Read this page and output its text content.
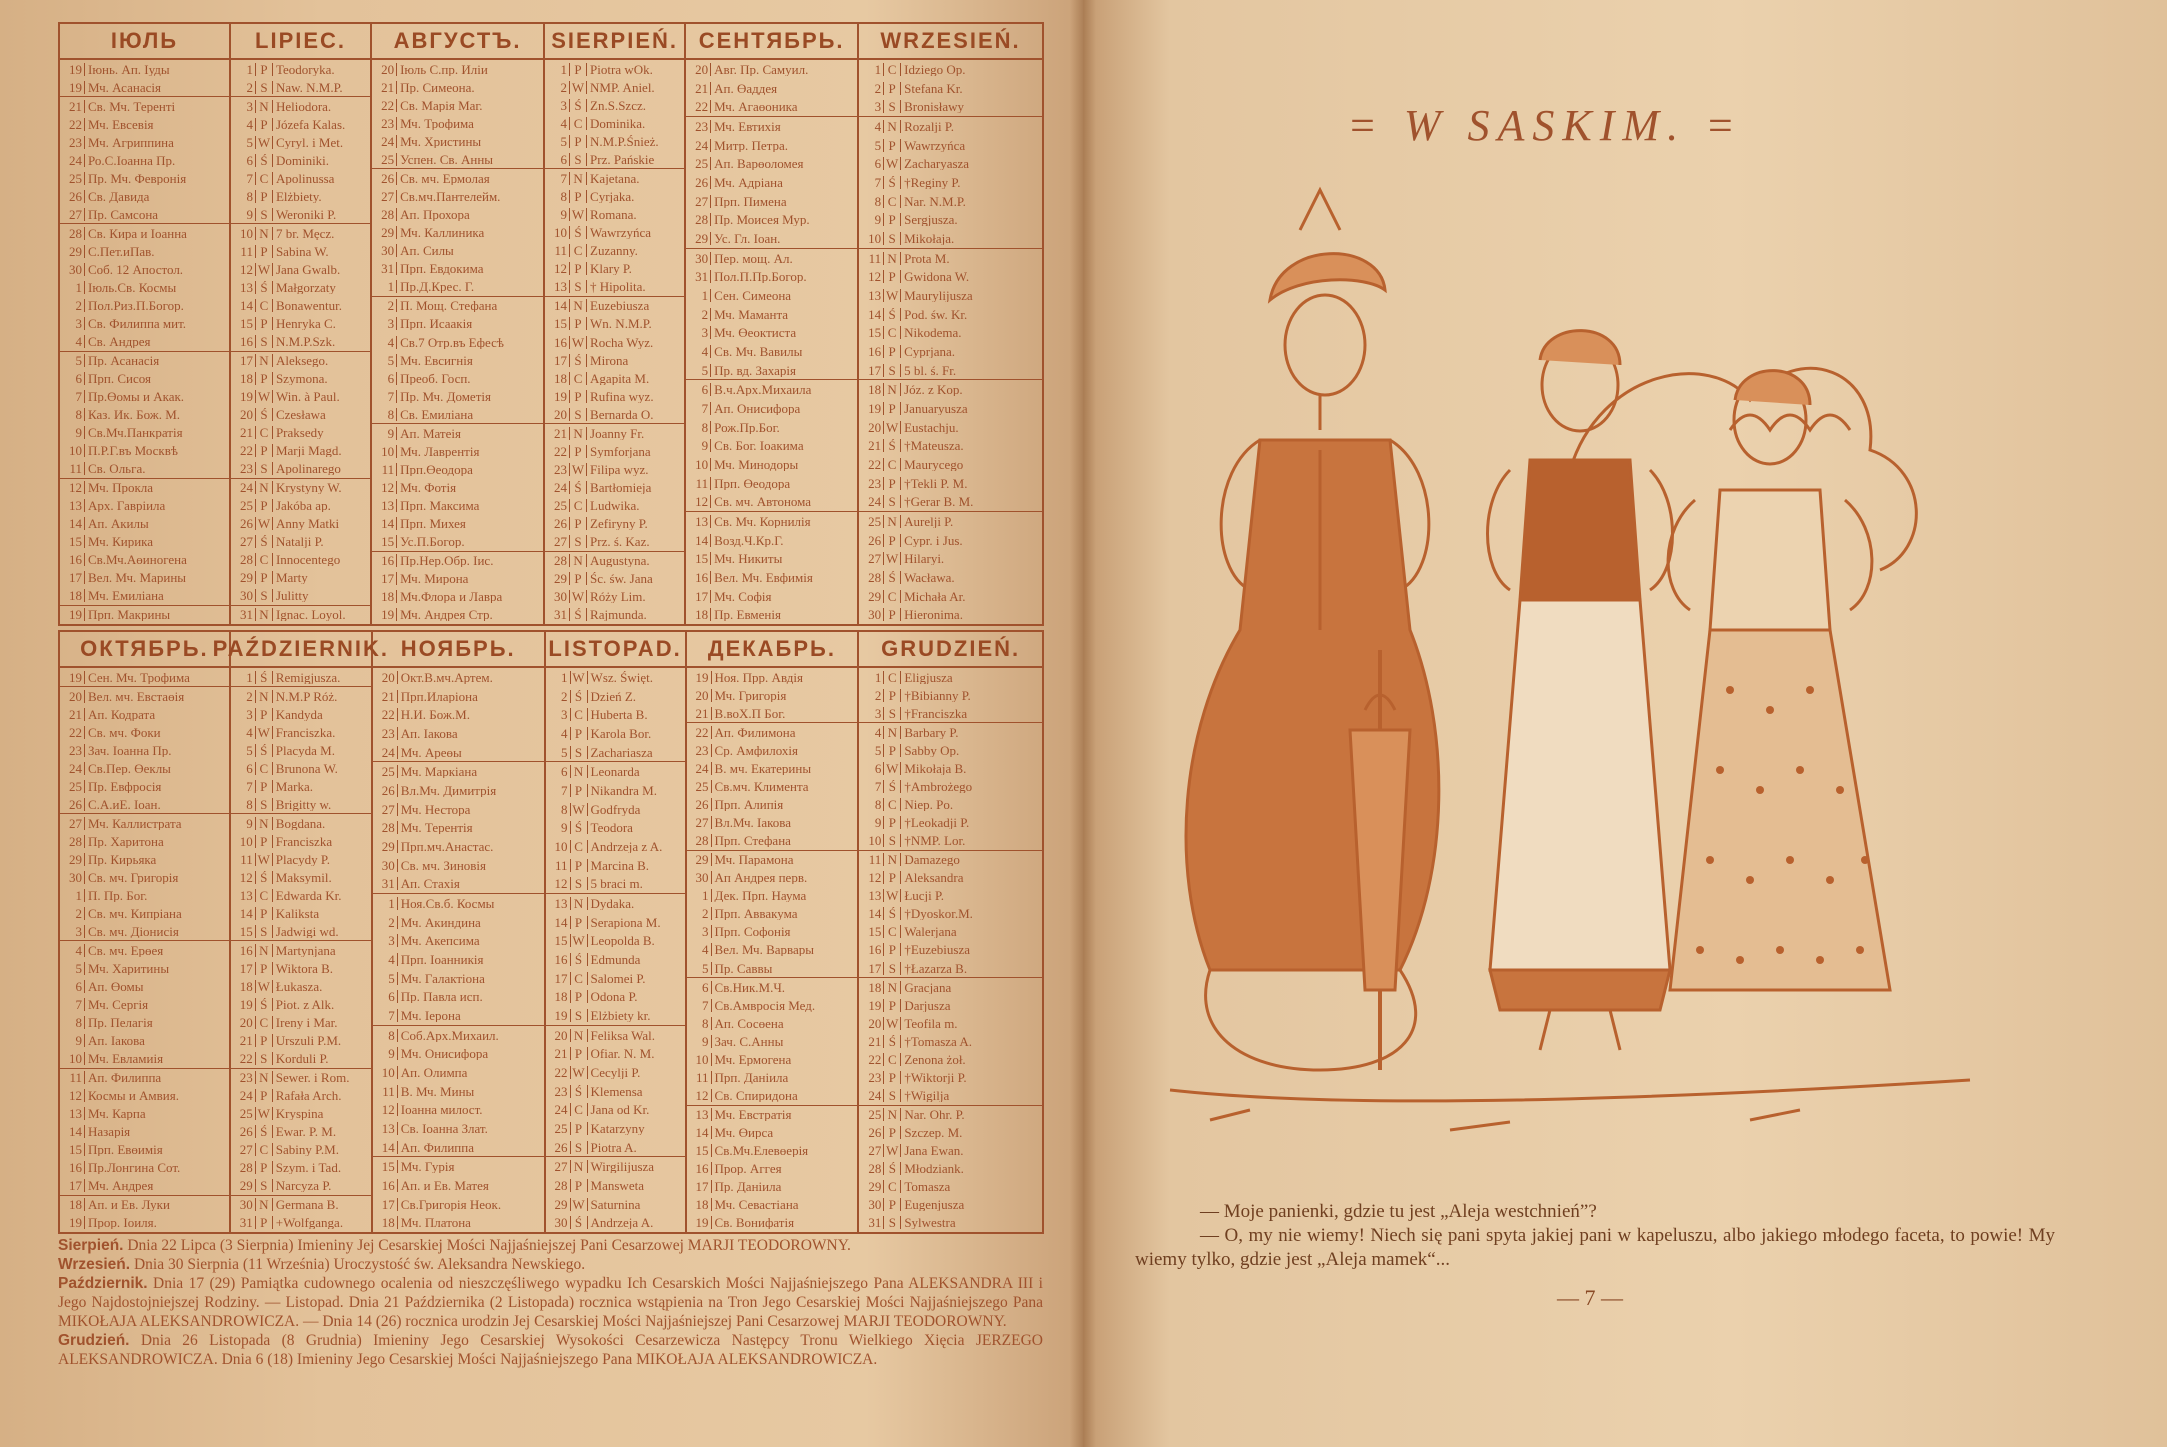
ІЮЛЬ
19 Іюнь. Ап. Іуды
19 Мч. Асанасія
21 Св. Мч. Теренті
22 Мч. Евсевія
23 Мч. Агриппина
24 Ро.С.Іоанна Пр.
25 Пр. Мч. Февронія
26 Св. Давида
27 Пр. Самсона
28 Св. Кира и Іоанна
29 С.Пет.иПав.
30 Соб. 12 Апостол.
1 Іюль.Св. Космы
2 Пол.Риз.П.Богор.
3 Св. Филиппа мит.
4 Св. Андрея
5 Пр. Асанасія
6 Прп. Сисоя
7 Пр.Өомы и Акак.
8 Каз. Ик. Бож. М.
9 Св.Мч.Панкратія
10 П.Р.Г.въ Москвѣ
11 Св. Ольга.
12 Мч. Прокла
13 Арх. Гавріила
14 Ап. Акилы
15 Мч. Кирика
16 Св.Мч.Аөиногена
17 Вел. Мч. Марины
18 Мч. Емиліана
19 Прп. Макрины
LIPIEC.
1 P Teodoryka.
2 S Naw. N.M.P.
3 N Heliodora.
4 P Józefa Kalas.
5 W Cyryl. i Met.
6 Ś Dominiki.
7 C Apolinussa
8 P Elżbiety.
9 S Weroniki P.
10 N 7 br. Męcz.
11 P Sabina W.
12 W Jana Gwalb.
13 Ś Małgorzaty
14 C Bonawentur.
15 P Henryka C.
16 S N.M.P.Szk.
17 N Aleksego.
18 P Szymona.
19 W Win. à Paul.
20 Ś Czesława
21 C Praksedy
22 P Marji Magd.
23 S Apolinarego
24 N Krystyny W.
25 P Jakóba ap.
26 W Anny Matki
27 Ś Natalji P.
28 C Innocentego
29 P Marty
30 S Julitty
31 N Ignac. Loyol.
АВГУСТЪ.
20 Іюль С.пр. Иліи
21 Пр. Симеона.
22 Св. Марія Маг.
23 Мч. Трофима
24 Мч. Христины
25 Успен. Св. Анны
26 Св. мч. Ермолая
27 Св.мч.Пантелейм.
28 Ап. Прохора
29 Мч. Каллиника
30 Ап. Силы
31 Прп. Евдокима
1 Пр.Д.Крес. Г.
2 П. Мощ. Стефана
3 Прп. Исаакія
4 Св.7 Отр.въ Ефесѣ
5 Мч. Евсигнія
6 Преоб. Госп.
7 Пр. Мч. Дометія
8 Св. Емиліана
9 Ап. Матеія
10 Мч. Лаврентія
11 Прп.Өеодора
12 Мч. Фотія
13 Прп. Максима
14 Прп. Михея
15 Ус.П.Богор.
16 Пр.Нер.Обр. Іис.
17 Мч. Мирона
18 Мч.Флора и Лавра
19 Мч. Андрея Стр.
SIERPIEŃ.
1 P Piotra wOk.
2 W NMP. Aniel.
3 Ś Zn.S.Szcz.
4 C Dominika.
5 P N.M.P.Śnież.
6 S Prz. Pańskie
7 N Kajetana.
8 P Cyrjaka.
9 W Romana.
10 Ś Wawrzyńca
11 C Zuzanny.
12 P Klary P.
13 S † Hipolita.
14 N Euzebiusza
15 P Wn. N.M.P.
16 W Rocha Wyz.
17 Ś Mirona
18 C Agapita M.
19 P Rufina wyz.
20 S Bernarda O.
21 N Joanny Fr.
22 P Symforjana
23 W Filipa wyz.
24 Ś Bartłomieja
25 C Ludwika.
26 P Zefiryny P.
27 S Prz. ś. Kaz.
28 N Augustyna.
29 P Śc. św. Jana
30 W Róży Lim.
31 Ś Rajmunda.
СЕНТЯБРЬ.
20 Авг. Пр. Самуил.
21 Ап. Өаддея
22 Мч. Агаөоника
23 Мч. Евтихія
24 Митр. Петра.
25 Ап. Варөоломея
26 Мч. Адріана
27 Прп. Пимена
28 Пр. Моисея Мур.
29 Ус. Гл. Іоан.
30 Пер. мощ. Ал.
31 Пол.П.Пр.Богор.
1 Сен. Симеона
2 Мч. Маманта
3 Мч. Өеоктиста
4 Св. Мч. Вавилы
5 Пр. вд. Захарія
6 В.ч.Арх.Михаила
7 Ап. Онисифора
8 Рож.Пр.Бог.
9 Св. Бог. Іоакима
10 Мч. Минодоры
11 Прп. Өеодора
12 Св. мч. Автонома
13 Св. Мч. Корнилія
14 Возд.Ч.Кр.Г.
15 Мч. Никиты
16 Вел. Мч. Евфимія
17 Мч. Софія
18 Пр. Евменія
WRZESIEŃ.
1 C Idziego Op.
2 P Stefana Kr.
3 S Bronisławy
4 N Rozalji P.
5 P Wawrzyńca
6 W Zacharyasza
7 Ś †Reginy P.
8 C Nar. N.M.P.
9 P Sergjusza.
10 S Mikołaja.
11 N Prota M.
12 P Gwidona W.
13 W Maurylijusza
14 Ś Pod. św. Kr.
15 C Nikodema.
16 P Cyprjana.
17 S 5 bl. ś. Fr.
18 N Józ. z Kop.
19 P Januaryusza
20 W Eustachju.
21 Ś †Mateusza.
22 C Maurycego
23 P †Tekli P. M.
24 S †Gerar B. M.
25 N Aurelji P.
26 P Cypr. i Jus.
27 W Hilaryi.
28 Ś Wacława.
29 C Michała Ar.
30 P Hieronima.
ОКТЯБРЬ.
19 Сен. Мч. Трофима
20 Вел. мч. Евстаөія
21 Ап. Кодрата
22 Св. мч. Фоки
23 Зач. Іоанна Пр.
24 Св.Пер. Өеклы
25 Пр. Евфросія
26 С.А.иЕ. Іоан.
27 Мч. Каллистрата
28 Пр. Харитона
29 Пр. Кирьяка
30 Св. мч. Григорія
1 П. Пр. Бог.
2 Св. мч. Кипріана
3 Св. мч. Діонисія
4 Св. мч. Ерөея
5 Мч. Харитины
6 Ап. Өомы
7 Мч. Сергія
8 Пр. Пелагія
9 Ап. Іакова
10 Мч. Евламиія
11 Ап. Филиппа
12 Космы и Амвия.
13 Мч. Карпа
14 Назарія
15 Прп. Евөимія
16 Пр.Лонгина Сот.
17 Мч. Андрея
18 Ап. и Ев. Луки
19 Прор. Іоиля.
PAŹDZIERNIK.
1 Ś Remigjusza.
2 N N.M.P Róż.
3 P Kandyda
4 W Franciszka.
5 Ś Placyda M.
6 C Brunona W.
7 P Marka.
8 S Brigitty w.
9 N Bogdana.
10 P Franciszka
11 W Placydy P.
12 Ś Maksymil.
13 C Edwarda Kr.
14 P Kaliksta
15 S Jadwigi wd.
16 N Martynjana
17 P Wiktora B.
18 W Łukasza.
19 Ś Piot. z Alk.
20 C Ireny i Mar.
21 P Urszuli P.M.
22 S Korduli P.
23 N Sewer. i Rom.
24 P Rafała Arch.
25 W Kryspina
26 Ś Ewar. P. M.
27 C Sabiny P.M.
28 P Szym. i Tad.
29 S Narcyza P.
30 N Germana B.
31 P +Wolfganga.
НОЯБРЬ.
20 Окт.В.мч.Артем.
21 Прп.Иларіона
22 Н.И. Бож.М.
23 Ап. Іакова
24 Мч. Ареөы
25 Мч. Маркіана
26 Вл.Мч. Димитрія
27 Мч. Нестора
28 Мч. Терентія
29 Прп.мч.Анастас.
30 Св. мч. Зиновія
31 Ап. Стахія
1 Ноя.Св.б. Космы
2 Мч. Акиндина
3 Мч. Акепсима
4 Прп. Іоанникія
5 Мч. Галактіона
6 Пр. Павла исп.
7 Мч. Іерона
8 Соб.Арх.Михаил.
9 Мч. Онисифора
10 Ап. Олимпа
11 В. Мч. Мины
12 Іоанна милост.
13 Св. Іоанна Злат.
14 Ап. Филиппа
15 Мч. Гурія
16 Ап. и Ев. Матея
17 Св.Григорія Неок.
18 Мч. Платона
LISTOPAD.
1 W Wsz. Święt.
2 Ś Dzień Z.
3 C Huberta B.
4 P Karola Bor.
5 S Zachariasza
6 N Leonarda
7 P Nikandra M.
8 W Godfryda
9 Ś Teodora
10 C Andrzeja z A.
11 P Marcina B.
12 S 5 braci m.
13 N Dydaka.
14 P Serapiona M.
15 W Leopolda B.
16 Ś Edmunda
17 C Salomei P.
18 P Odona P.
19 S Elżbiety kr.
20 N Feliksa Wal.
21 P Ofiar. N. M.
22 W Cecylji P.
23 Ś Klemensa
24 C Jana od Kr.
25 P Katarzyny
26 S Piotra A.
27 N Wirgilijusza
28 P Manswetа
29 W Saturnina
30 Ś Andrzeja A.
ДЕКАБРЬ.
19 Ноя. Прр. Авдія
20 Мч. Григорія
21 В.воХ.П Бог.
22 Ап. Филимона
23 Ср. Амфилохія
24 В. мч. Екатерины
25 Св.мч. Климента
26 Прп. Алипія
27 Вл.Мч. Іакова
28 Прп. Стефана
29 Мч. Парамона
30 Ап Андрея перв.
1 Дек. Прп. Наума
2 Прп. Аввакума
3 Прп. Софонія
4 Вел. Мч. Варвары
5 Пр. Саввы
6 Св.Ник.М.Ч.
7 Св.Амвросія Мед.
8 Ап. Сосөена
9 Зач. С.Анны
10 Мч. Ермогена
11 Прп. Даніила
12 Св. Спиридона
13 Мч. Евстратія
14 Мч. Өирса
15 Св.Мч.Елевөерія
16 Прор. Аггея
17 Пр. Даніила
18 Мч. Севастіана
19 Св. Вонифатія
GRUDZIEŃ.
1 C Eligjusza
2 P †Bibianny P.
3 S †Franciszka
4 N Barbary P.
5 P Sabby Op.
6 W Mikołaja B.
7 Ś †Ambrożego
8 C Niep. Po.
9 P †Leokadji P.
10 S †NMP. Lor.
11 N Damazego
12 P Aleksandra
13 W Łucji P.
14 Ś †Dyoskor.M.
15 C Walerjana
16 P †Euzebiusza
17 S †Łazarza B.
18 N Gracjana
19 P Darjusza
20 W Teofila m.
21 Ś †Tomasza A.
22 C Zenona żoł.
23 P †Wiktorji P.
24 S †Wigilja
25 N Nar. Ohr. P.
26 P Szczep. M.
27 W Jana Ewan.
28 Ś Młodziank.
29 C Tomasza
30 P Eugenjusza
31 S Sylwestra

Sierpień. Dnia 22 Lipca (3 Sierpnia) Imieniny Jej Cesarskiej Mości Najjaśniejszej Pani Cesarzowej MARJI TEODOROWNY.

Wrzesień. Dnia 30 Sierpnia (11 Września) Uroczystość św. Aleksandra Newskiego.

Październik. Dnia 17 (29) Pamiątka cudownego ocalenia od nieszczęśliwego wypadku Ich Cesarskich Mości Najjaśniejszego Pana ALEKSANDRA III i Jego Najdostojniejszej Rodziny. — Listopad. Dnia 21 Października (2 Listopada) rocznica wstąpienia na Tron Jego Cesarskiej Mości Najjaśniejszego Pana MIKOŁAJA ALEKSANDROWICZA. — Dnia 14 (26) rocznica urodzin Jej Cesarskiej Mości Najjaśniejszej Pani Cesarzowej MARJI TEODOROWNY.

Grudzień. Dnia 26 Listopada (8 Grudnia) Imieniny Jego Cesarskiej Wysokości Cesarzewicza Następcy Tronu Wielkiego Xięcia JERZEGO ALEKSANDROWICZA. Dnia 6 (18) Imieniny Jego Cesarskiej Mości Najjaśniejszego Pana MIKOŁAJA ALEKSANDROWICZA.

= W SASKIM. =

— Moje panienki, gdzie tu jest „Aleja westchnień”?

— O, my nie wiemy! Niech się pani spyta jakiej pani w kapeluszu, albo jakiego młodego faceta, to powie! My wiemy tylko, gdzie jest „Aleja mamek“...

— 7 —
